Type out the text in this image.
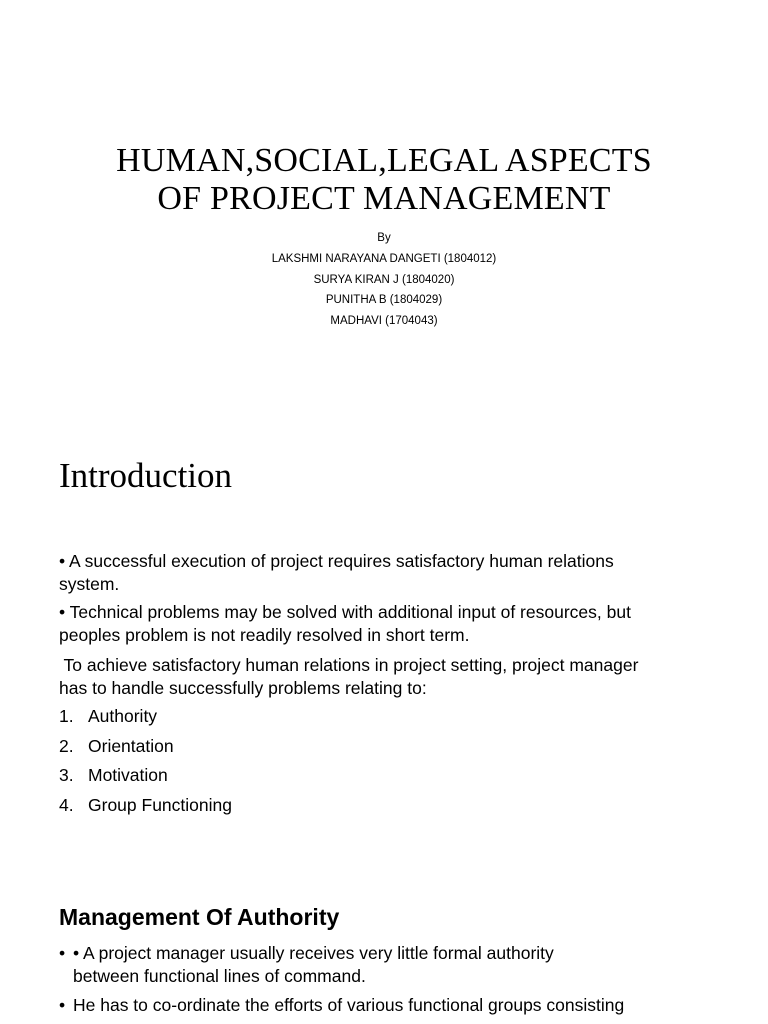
HUMAN,SOCIAL,LEGAL ASPECTS
OF PROJECT MANAGEMENT
By
LAKSHMI NARAYANA DANGETI (1804012)
SURYA KIRAN J (1804020)
PUNITHA B (1804029)
MADHAVI (1704043)
Introduction
• A successful execution of project requires satisfactory human relations
system.
• Technical problems may be solved with additional input of resources, but
peoples problem is not readily resolved in short term.
To achieve satisfactory human relations in project setting, project manager
has to handle successfully problems relating to:
1. Authority
2. Orientation
3. Motivation
4. Group Functioning
Management Of Authority
• • A project manager usually receives very little formal authority
between functional lines of command.
• He has to co-ordinate the efforts of various functional groups consisting
